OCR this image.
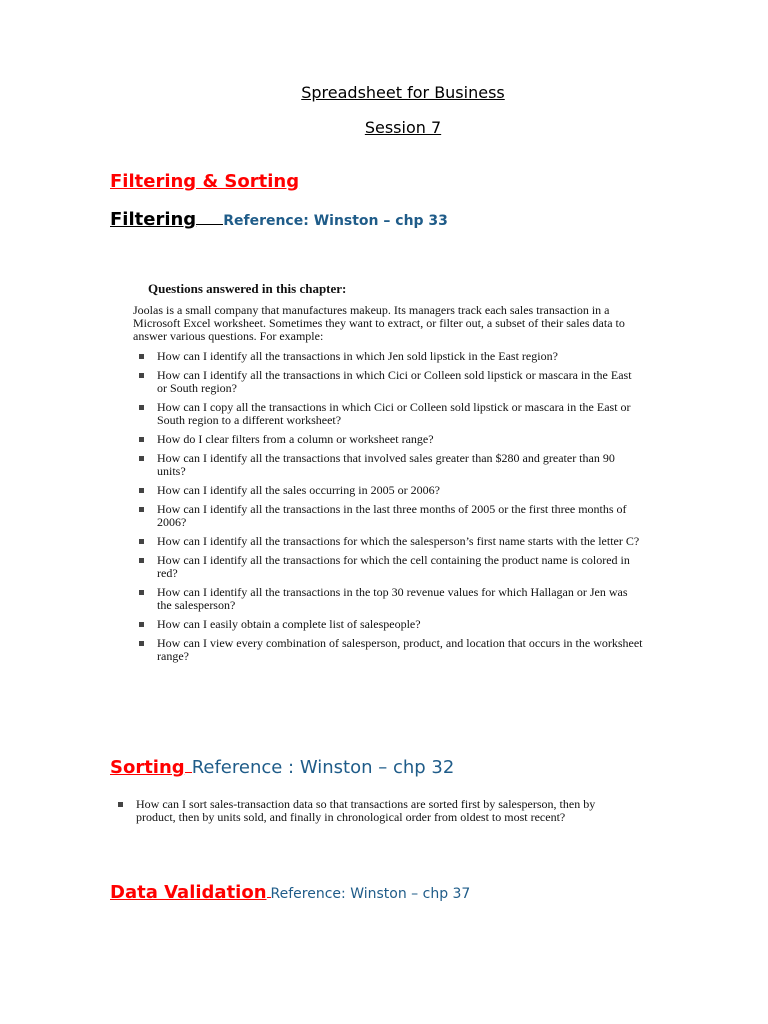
Spreadsheet for Business
Session 7
Filtering & Sorting
Filtering Reference: Winston – chp 33
Questions answered in this chapter:
Joolas is a small company that manufactures makeup. Its managers track each sales transaction in a Microsoft Excel worksheet. Sometimes they want to extract, or filter out, a subset of their sales data to answer various questions. For example:
How can I identify all the transactions in which Jen sold lipstick in the East region?
How can I identify all the transactions in which Cici or Colleen sold lipstick or mascara in the East or South region?
How can I copy all the transactions in which Cici or Colleen sold lipstick or mascara in the East or South region to a different worksheet?
How do I clear filters from a column or worksheet range?
How can I identify all the transactions that involved sales greater than $280 and greater than 90 units?
How can I identify all the sales occurring in 2005 or 2006?
How can I identify all the transactions in the last three months of 2005 or the first three months of 2006?
How can I identify all the transactions for which the salesperson’s first name starts with the letter C?
How can I identify all the transactions for which the cell containing the product name is colored in red?
How can I identify all the transactions in the top 30 revenue values for which Hallagan or Jen was the salesperson?
How can I easily obtain a complete list of salespeople?
How can I view every combination of salesperson, product, and location that occurs in the worksheet range?
Sorting Reference : Winston – chp 32
How can I sort sales-transaction data so that transactions are sorted first by salesperson, then by product, then by units sold, and finally in chronological order from oldest to most recent?
Data Validation Reference: Winston – chp 37
